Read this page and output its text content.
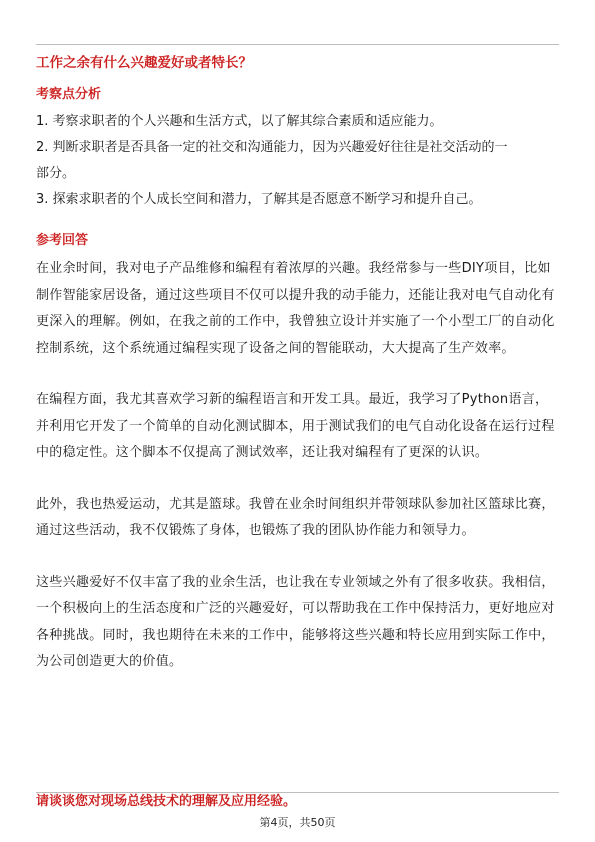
工作之余有什么兴趣爱好或者特长？
考察点分析
1. 考察求职者的个人兴趣和生活方式，以了解其综合素质和适应能力。
2. 判断求职者是否具备一定的社交和沟通能力，因为兴趣爱好往往是社交活动的一
部分。
3. 探索求职者的个人成长空间和潜力，了解其是否愿意不断学习和提升自己。
参考回答

在业余时间，我对电子产品维修和编程有着浓厚的兴趣。我经常参与一些DIY项目，比如制作智能家居设备，通过这些项目不仅可以提升我的动手能力，还能让我对电气自动化有更深入的理解。例如，在我之前的工作中，我曾独立设计并实施了一个小型工厂的自动化控制系统，这个系统通过编程实现了设备之间的智能联动，大大提高了生产效率。

在编程方面，我尤其喜欢学习新的编程语言和开发工具。最近，我学习了Python语言，并利用它开发了一个简单的自动化测试脚本，用于测试我们的电气自动化设备在运行过程中的稳定性。这个脚本不仅提高了测试效率，还让我对编程有了更深的认识。

此外，我也热爱运动，尤其是篮球。我曾在业余时间组织并带领球队参加社区篮球比赛，通过这些活动，我不仅锻炼了身体，也锻炼了我的团队协作能力和领导力。

这些兴趣爱好不仅丰富了我的业余生活，也让我在专业领域之外有了很多收获。我相信，一个积极向上的生活态度和广泛的兴趣爱好，可以帮助我在工作中保持活力，更好地应对各种挑战。同时，我也期待在未来的工作中，能够将这些兴趣和特长应用到实际工作中，为公司创造更大的价值。

请谈谈您对现场总线技术的理解及应用经验。
第4页，共50页
